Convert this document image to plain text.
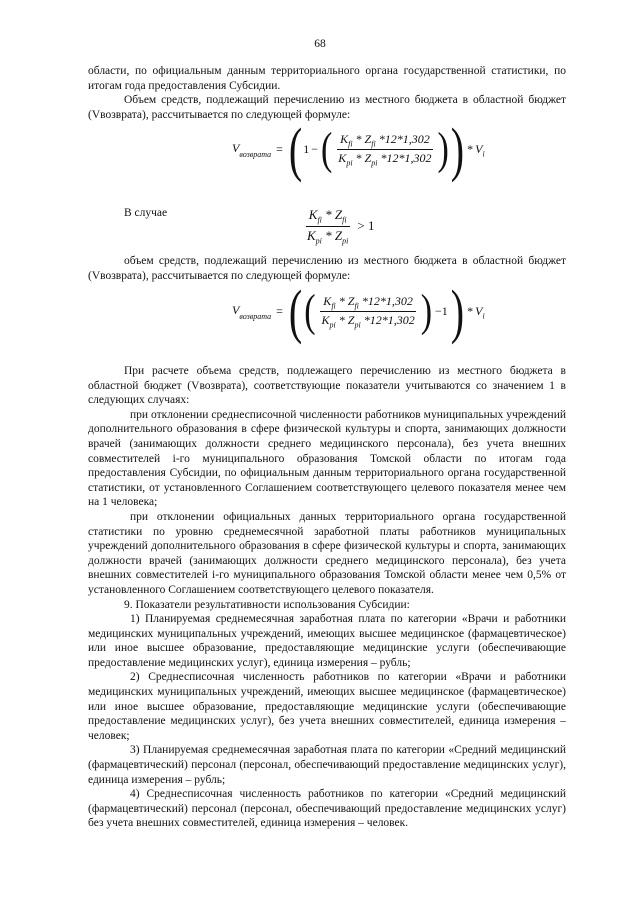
68

области, по официальным данным территориального органа государственной статистики, по итогам года предоставления Субсидии.

Объем средств, подлежащий перечислению из местного бюджета в областной бюджет (Vвозврата), рассчитывается по следующей формуле:

$V_{возврата}$ = ( 1 − ( $\frac{K_{fi} * Z_{fi} *12*1,302}{K_{pi} * Z_{pi} *12*1,302}$ ) ) * $V_i$
В случае	$\frac{K_{fi} * Z_{fi}}{K_{pi} * Z_{pi}} > 1$

объем средств, подлежащий перечислению из местного бюджета в областной бюджет (Vвозврата), рассчитывается по следующей формуле:

$V_{возврата}$ = ( ( $\frac{K_{fi} * Z_{fi} *12*1,302}{K_{pi} * Z_{pi} *12*1,302}$ ) −1 ) * $V_i$

При расчете объема средств, подлежащего перечислению из местного бюджета в областной бюджет (Vвозврата), соответствующие показатели учитываются со значением 1 в следующих случаях:

при отклонении среднесписочной численности работников муниципальных учреждений дополнительного образования в сфере физической культуры и спорта, занимающих должности врачей (занимающих должности среднего медицинского персонала), без учета внешних совместителей i-го муниципального образования Томской области по итогам года предоставления Субсидии, по официальным данным территориального органа государственной статистики, от установленного Соглашением соответствующего целевого показателя менее чем на 1 человека;

при отклонении официальных данных территориального органа государственной статистики по уровню среднемесячной заработной платы работников муниципальных учреждений дополнительного образования в сфере физической культуры и спорта, занимающих должности врачей (занимающих должности среднего медицинского персонала), без учета внешних совместителей i-го муниципального образования Томской области менее чем 0,5% от установленного Соглашением соответствующего целевого показателя.

9. Показатели результативности использования Субсидии:

1) Планируемая среднемесячная заработная плата по категории «Врачи и работники медицинских муниципальных учреждений, имеющих высшее медицинское (фармацевтическое) или иное высшее образование, предоставляющие медицинские услуги (обеспечивающие предоставление медицинских услуг), единица измерения – рубль;

2) Среднесписочная численность работников по категории «Врачи и работники медицинских муниципальных учреждений, имеющих высшее медицинское (фармацевтическое) или иное высшее образование, предоставляющие медицинские услуги (обеспечивающие предоставление медицинских услуг), без учета внешних совместителей, единица измерения – человек;

3) Планируемая среднемесячная заработная плата по категории «Средний медицинский (фармацевтический) персонал (персонал, обеспечивающий предоставление медицинских услуг), единица измерения – рубль;

4) Среднесписочная численность работников по категории «Средний медицинский (фармацевтический) персонал (персонал, обеспечивающий предоставление медицинских услуг) без учета внешних совместителей, единица измерения – человек.
